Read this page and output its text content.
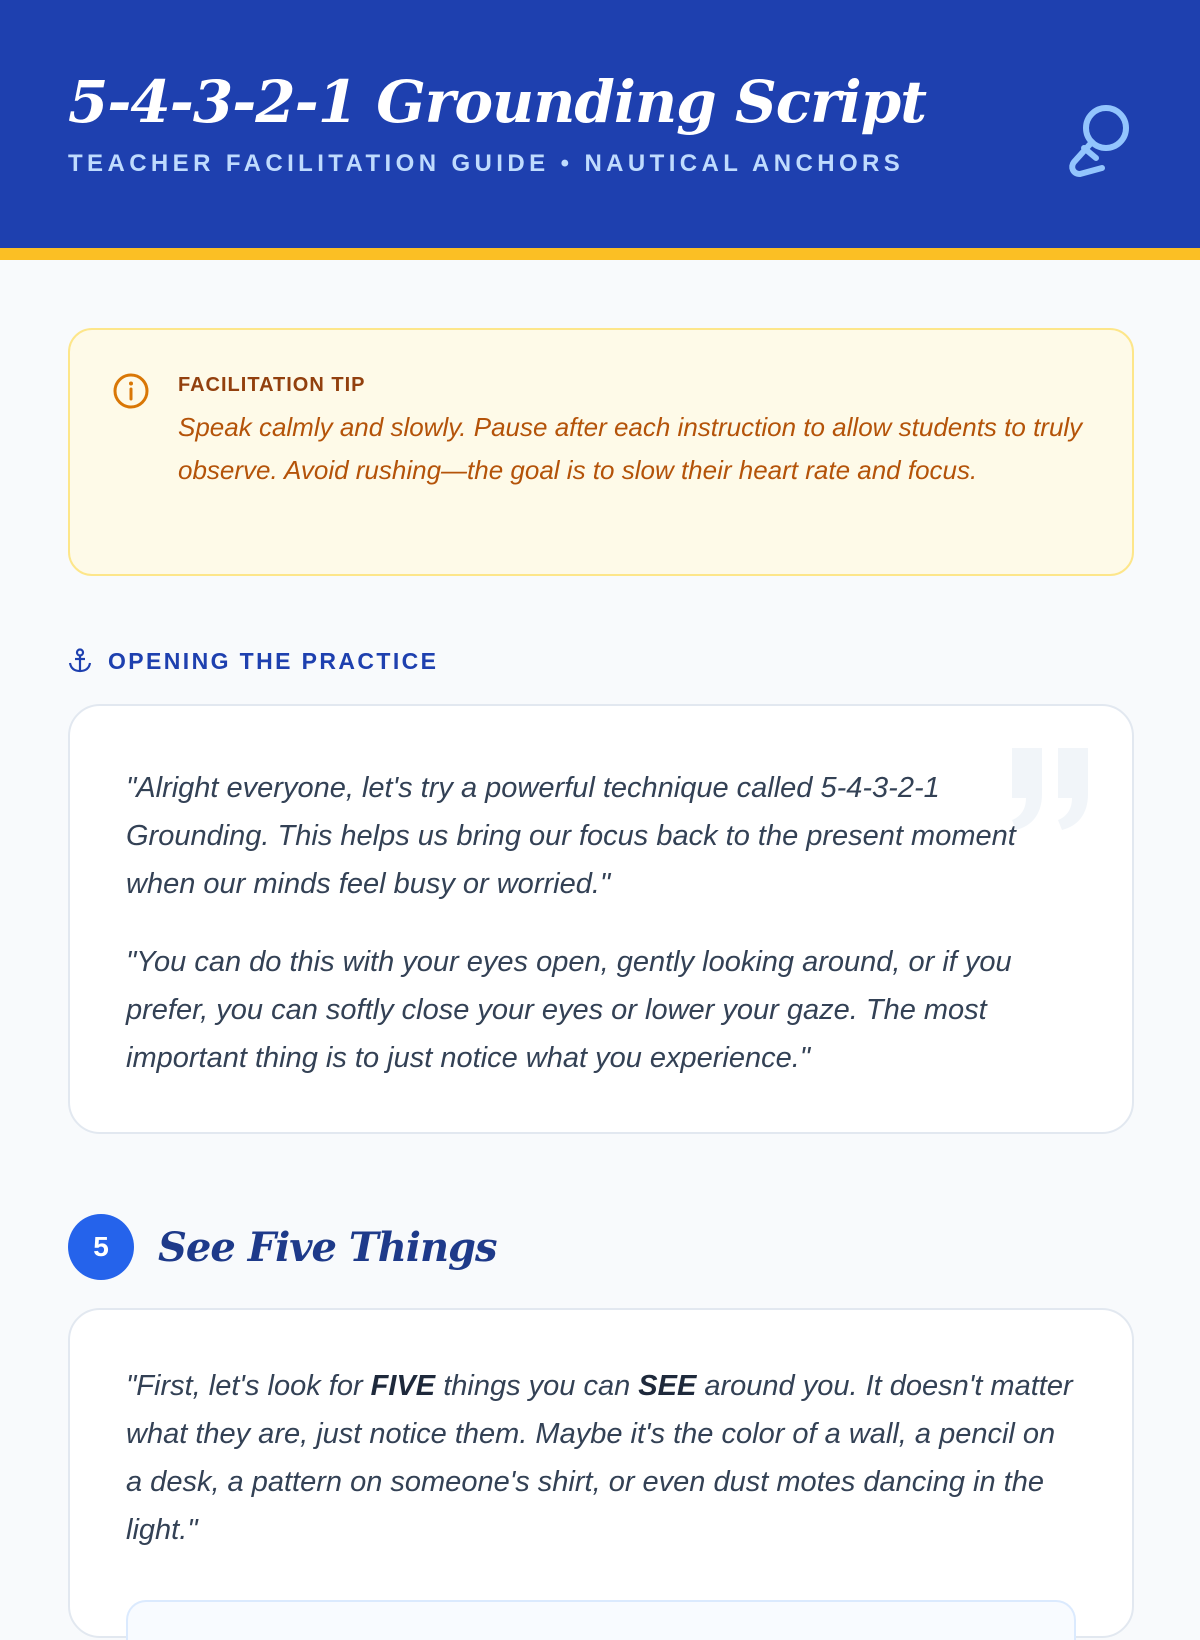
5-4-3-2-1 Grounding Script
TEACHER FACILITATION GUIDE • NAUTICAL ANCHORS
FACILITATION TIP

Speak calmly and slowly. Pause after each instruction to allow students to truly observe. Avoid rushing—the goal is to slow their heart rate and focus.

OPENING THE PRACTICE

"Alright everyone, let's try a powerful technique called 5-4-3-2-1 Grounding. This helps us bring our focus back to the present moment when our minds feel busy or worried."

"You can do this with your eyes open, gently looking around, or if you prefer, you can softly close your eyes or lower your gaze. The most important thing is to just notice what you experience."

5	See Five Things

"First, let's look for FIVE things you can SEE around you. It doesn't matter what they are, just notice them. Maybe it's the color of a wall, a pencil on a desk, a pattern on someone's shirt, or even dust motes dancing in the light."
